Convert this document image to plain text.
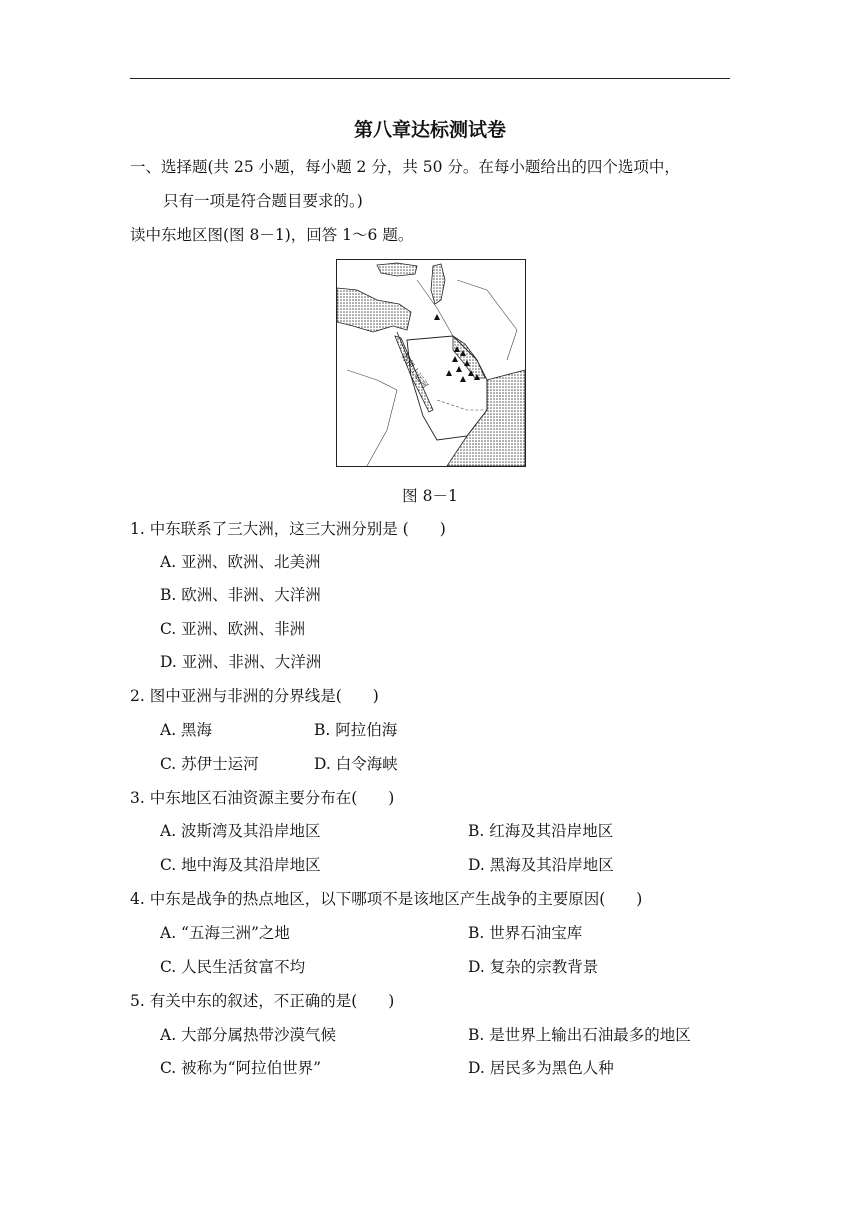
第八章达标测试卷
一、选择题(共 25 小题，每小题 2 分，共 50 分。在每小题给出的四个选项中，
只有一项是符合题目要求的。)
读中东地区图(图 8－1)，回答 1～6 题。
苏伊士运河
图 8－1
1. 中东联系了三大洲，这三大洲分别是 (　　)
A. 亚洲、欧洲、北美洲
B. 欧洲、非洲、大洋洲
C. 亚洲、欧洲、非洲
D. 亚洲、非洲、大洋洲
2. 图中亚洲与非洲的分界线是(　　)
A. 黑海	B. 阿拉伯海
C. 苏伊士运河	D. 白令海峡
3. 中东地区石油资源主要分布在(　　)
A. 波斯湾及其沿岸地区	B. 红海及其沿岸地区
C. 地中海及其沿岸地区	D. 黑海及其沿岸地区
4. 中东是战争的热点地区，以下哪项不是该地区产生战争的主要原因(　　)
A. “五海三洲”之地	B. 世界石油宝库
C. 人民生活贫富不均	D. 复杂的宗教背景
5. 有关中东的叙述，不正确的是(　　)
A. 大部分属热带沙漠气候	B. 是世界上输出石油最多的地区
C. 被称为“阿拉伯世界”	D. 居民多为黑色人种
